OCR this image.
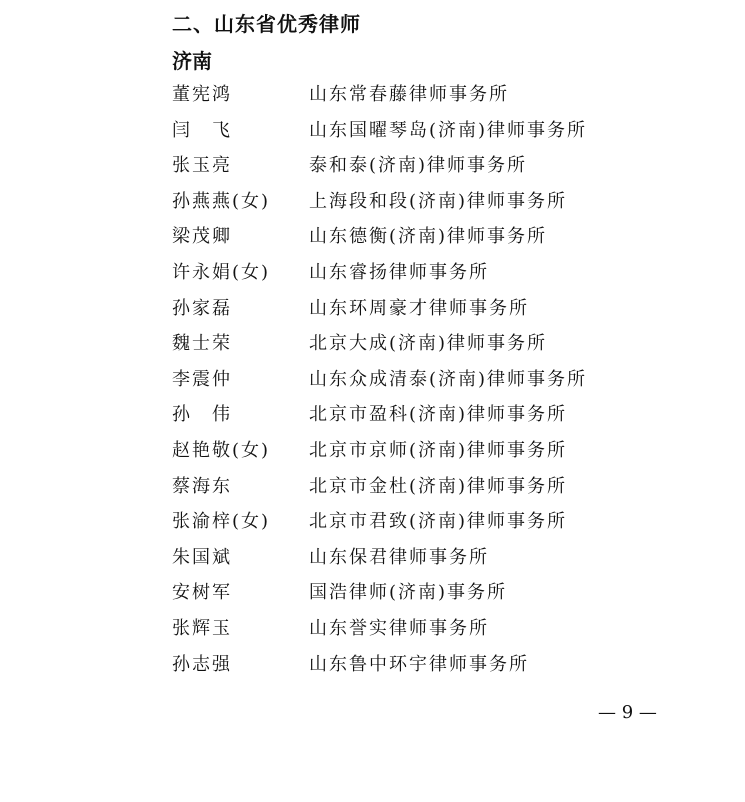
二、山东省优秀律师
济南
董宪鸿	山东常春藤律师事务所
闫　飞	山东国曜琴岛(济南)律师事务所
张玉亮	泰和泰(济南)律师事务所
孙燕燕(女) 上海段和段(济南)律师事务所
梁茂卿	山东德衡(济南)律师事务所
许永娟(女) 山东睿扬律师事务所
孙家磊	山东环周豪才律师事务所
魏士荣	北京大成(济南)律师事务所
李震仲	山东众成清泰(济南)律师事务所
孙　伟	北京市盈科(济南)律师事务所
赵艳敬(女) 北京市京师(济南)律师事务所
蔡海东	北京市金杜(济南)律师事务所
张渝梓(女) 北京市君致(济南)律师事务所
朱国斌	山东保君律师事务所
安树军	国浩律师(济南)事务所
张辉玉	山东誉实律师事务所
孙志强	山东鲁中环宇律师事务所
— 9 —
